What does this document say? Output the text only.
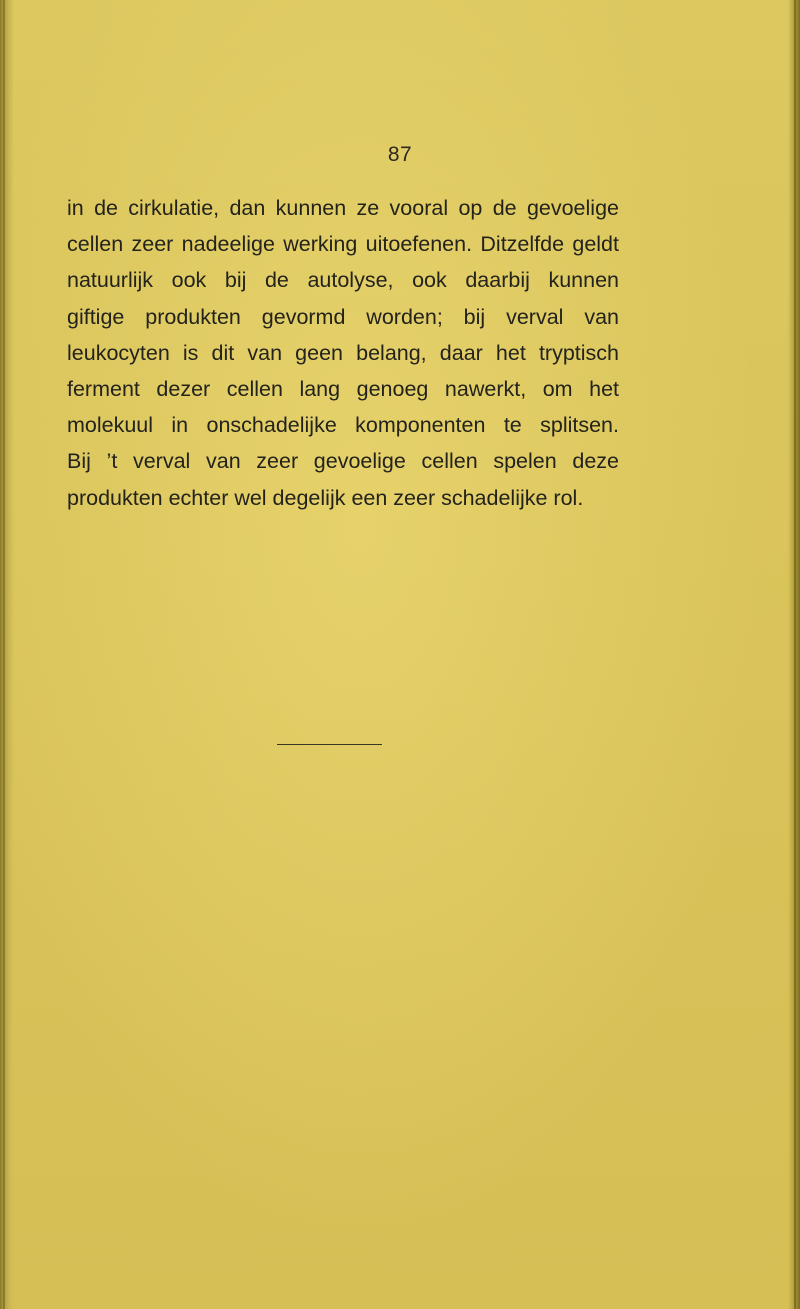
87
in de cirkulatie, dan kunnen ze vooral op de gevoelige
cellen zeer nadeelige werking uitoefenen. Ditzelfde geldt
natuurlijk ook bij de autolyse, ook daarbij kunnen
giftige produkten gevormd worden; bij verval van
leukocyten is dit van geen belang, daar het tryptisch
ferment dezer cellen lang genoeg nawerkt, om het
molekuul in onschadelijke komponenten te splitsen.
Bij ’t verval van zeer gevoelige cellen spelen deze
produkten echter wel degelijk een zeer schadelijke rol.
